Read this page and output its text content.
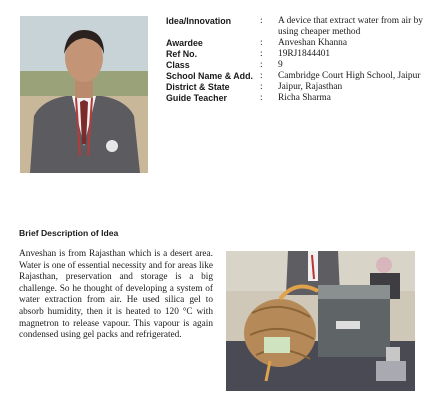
Idea/Innovation	:	A device that extract water from air by using cheaper method
Awardee	:	Anveshan Khanna
Ref No.	:	19RJ1844401
Class	:	9
School Name & Add. :	Cambridge Court High School, Jaipur
District & State	:	Jaipur, Rajasthan
Guide Teacher	:	Richa Sharma
Brief Description of Idea
Anveshan is from Rajasthan which is a desert area. Water is one of essential necessity and for areas like Rajasthan, preservation and storage is a big challenge. So he thought of developing a system of water extraction from air. He used silica gel to absorb humidity, then it is heated to 120 °C with magnetron to release vapour. This vapour is again condensed using gel packs and refrigerated.
